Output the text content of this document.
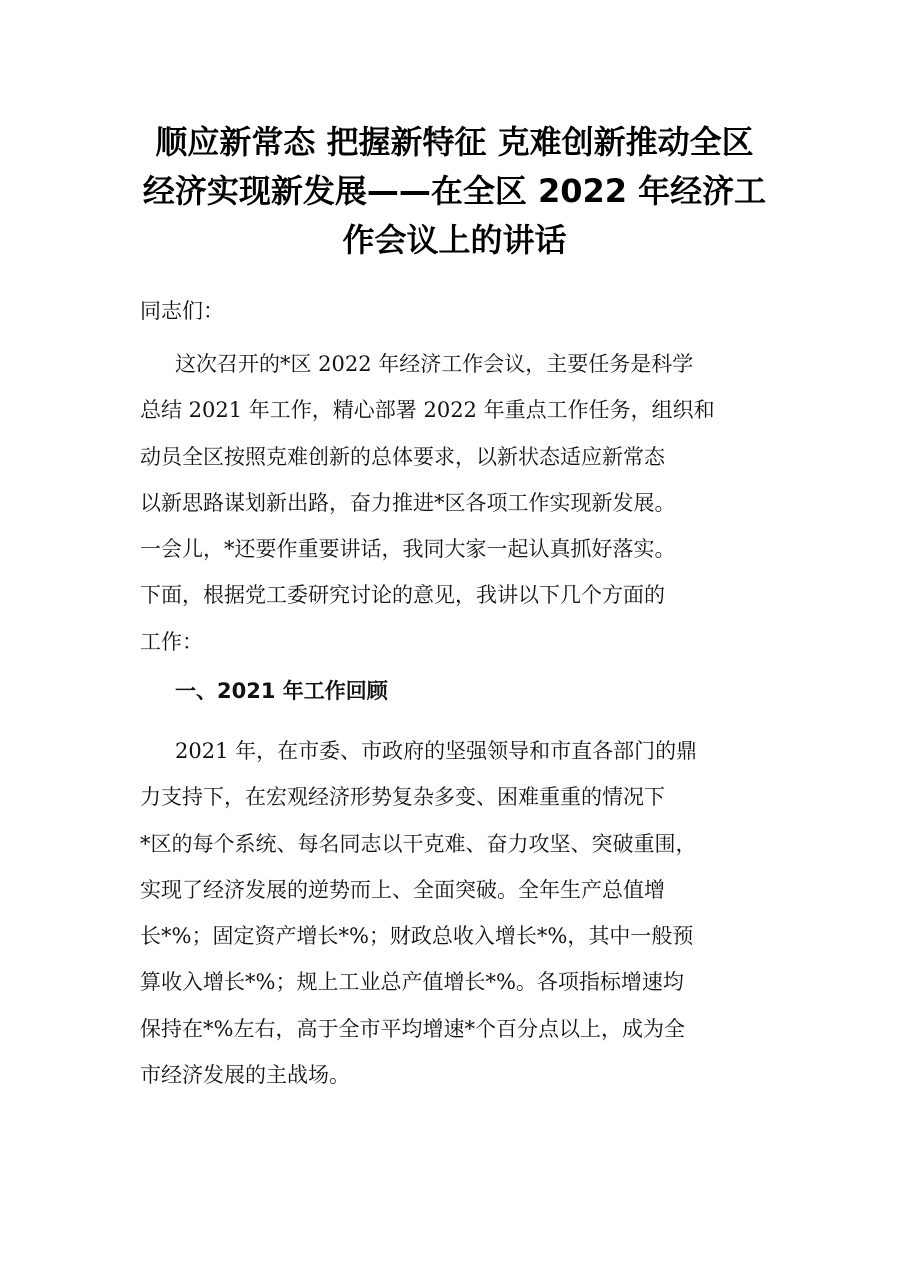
顺应新常态 把握新特征 克难创新推动全区
经济实现新发展——在全区 2022 年经济工
作会议上的讲话

同志们：

这次召开的*区 2022 年经济工作会议，主要任务是科学
总结 2021 年工作，精心部署 2022 年重点工作任务，组织和
动员全区按照克难创新的总体要求，以新状态适应新常态
以新思路谋划新出路，奋力推进*区各项工作实现新发展。
一会儿，*还要作重要讲话，我同大家一起认真抓好落实。
下面，根据党工委研究讨论的意见，我讲以下几个方面的
工作：

一、2021 年工作回顾

2021 年，在市委、市政府的坚强领导和市直各部门的鼎
力支持下，在宏观经济形势复杂多变、困难重重的情况下
*区的每个系统、每名同志以干克难、奋力攻坚、突破重围，
实现了经济发展的逆势而上、全面突破。全年生产总值增
长*%；固定资产增长*%；财政总收入增长*%，其中一般预
算收入增长*%；规上工业总产值增长*%。各项指标增速均
保持在*%左右，高于全市平均增速*个百分点以上，成为全
市经济发展的主战场。
